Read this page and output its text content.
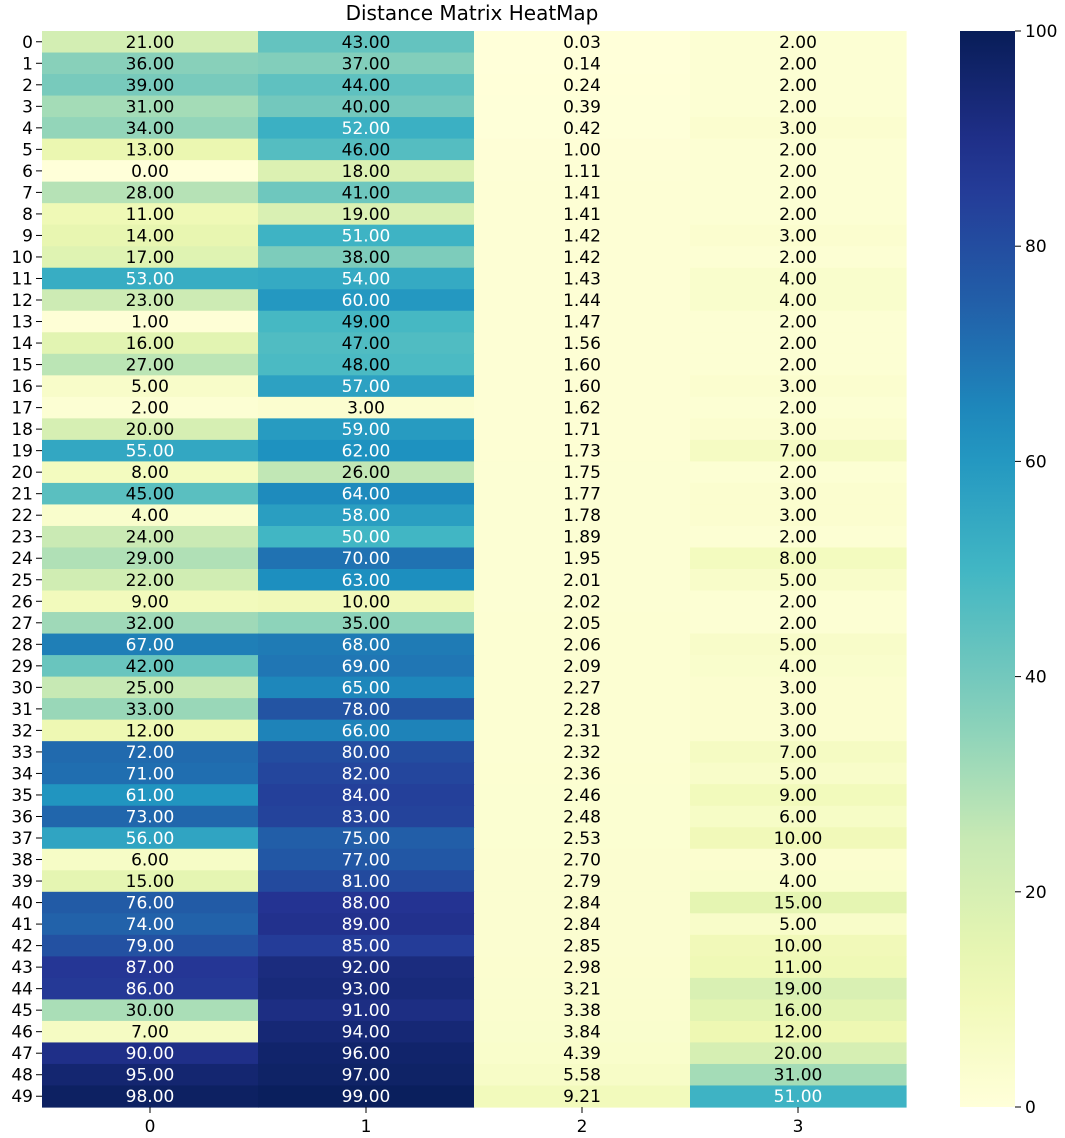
Distance Matrix HeatMap
21.00	43.00	0.03	2.00
36.00	37.00	0.14	2.00
39.00	44.00	0.24	2.00
31.00	40.00	0.39	2.00
34.00	52.00	0.42	3.00
13.00	46.00	1.00	2.00
0.00	18.00	1.11	2.00
28.00	41.00	1.41	2.00
11.00	19.00	1.41	2.00
14.00	51.00	1.42	3.00
17.00	38.00	1.42	2.00
53.00	54.00	1.43	4.00
23.00	60.00	1.44	4.00
1.00	49.00	1.47	2.00
16.00	47.00	1.56	2.00
27.00	48.00	1.60	2.00
5.00	57.00	1.60	3.00
2.00	3.00	1.62	2.00
20.00	59.00	1.71	3.00
55.00	62.00	1.73	7.00
8.00	26.00	1.75	2.00
45.00	64.00	1.77	3.00
4.00	58.00	1.78	3.00
24.00	50.00	1.89	2.00
29.00	70.00	1.95	8.00
22.00	63.00	2.01	5.00
9.00	10.00	2.02	2.00
32.00	35.00	2.05	2.00
67.00	68.00	2.06	5.00
42.00	69.00	2.09	4.00
25.00	65.00	2.27	3.00
33.00	78.00	2.28	3.00
12.00	66.00	2.31	3.00
72.00	80.00	2.32	7.00
71.00	82.00	2.36	5.00
61.00	84.00	2.46	9.00
73.00	83.00	2.48	6.00
56.00	75.00	2.53	10.00
6.00	77.00	2.70	3.00
15.00	81.00	2.79	4.00
76.00	88.00	2.84	15.00
74.00	89.00	2.84	5.00
79.00	85.00	2.85	10.00
87.00	92.00	2.98	11.00
86.00	93.00	3.21	19.00
30.00	91.00	3.38	16.00
7.00	94.00	3.84	12.00
90.00	96.00	4.39	20.00
95.00	97.00	5.58	31.00
98.00	99.00	9.21	51.00
0
1
2
3
4
5
6
7
8
9
10
11
12
13
14
15
16
17
18
19
20
21
22
23
24
25
26
27
28
29
30
31
32
33
34
35
36
37
38
39
40
41
42
43
44
45
46
47
48
49
0	1	2	3
0
20
40
60
80
100
